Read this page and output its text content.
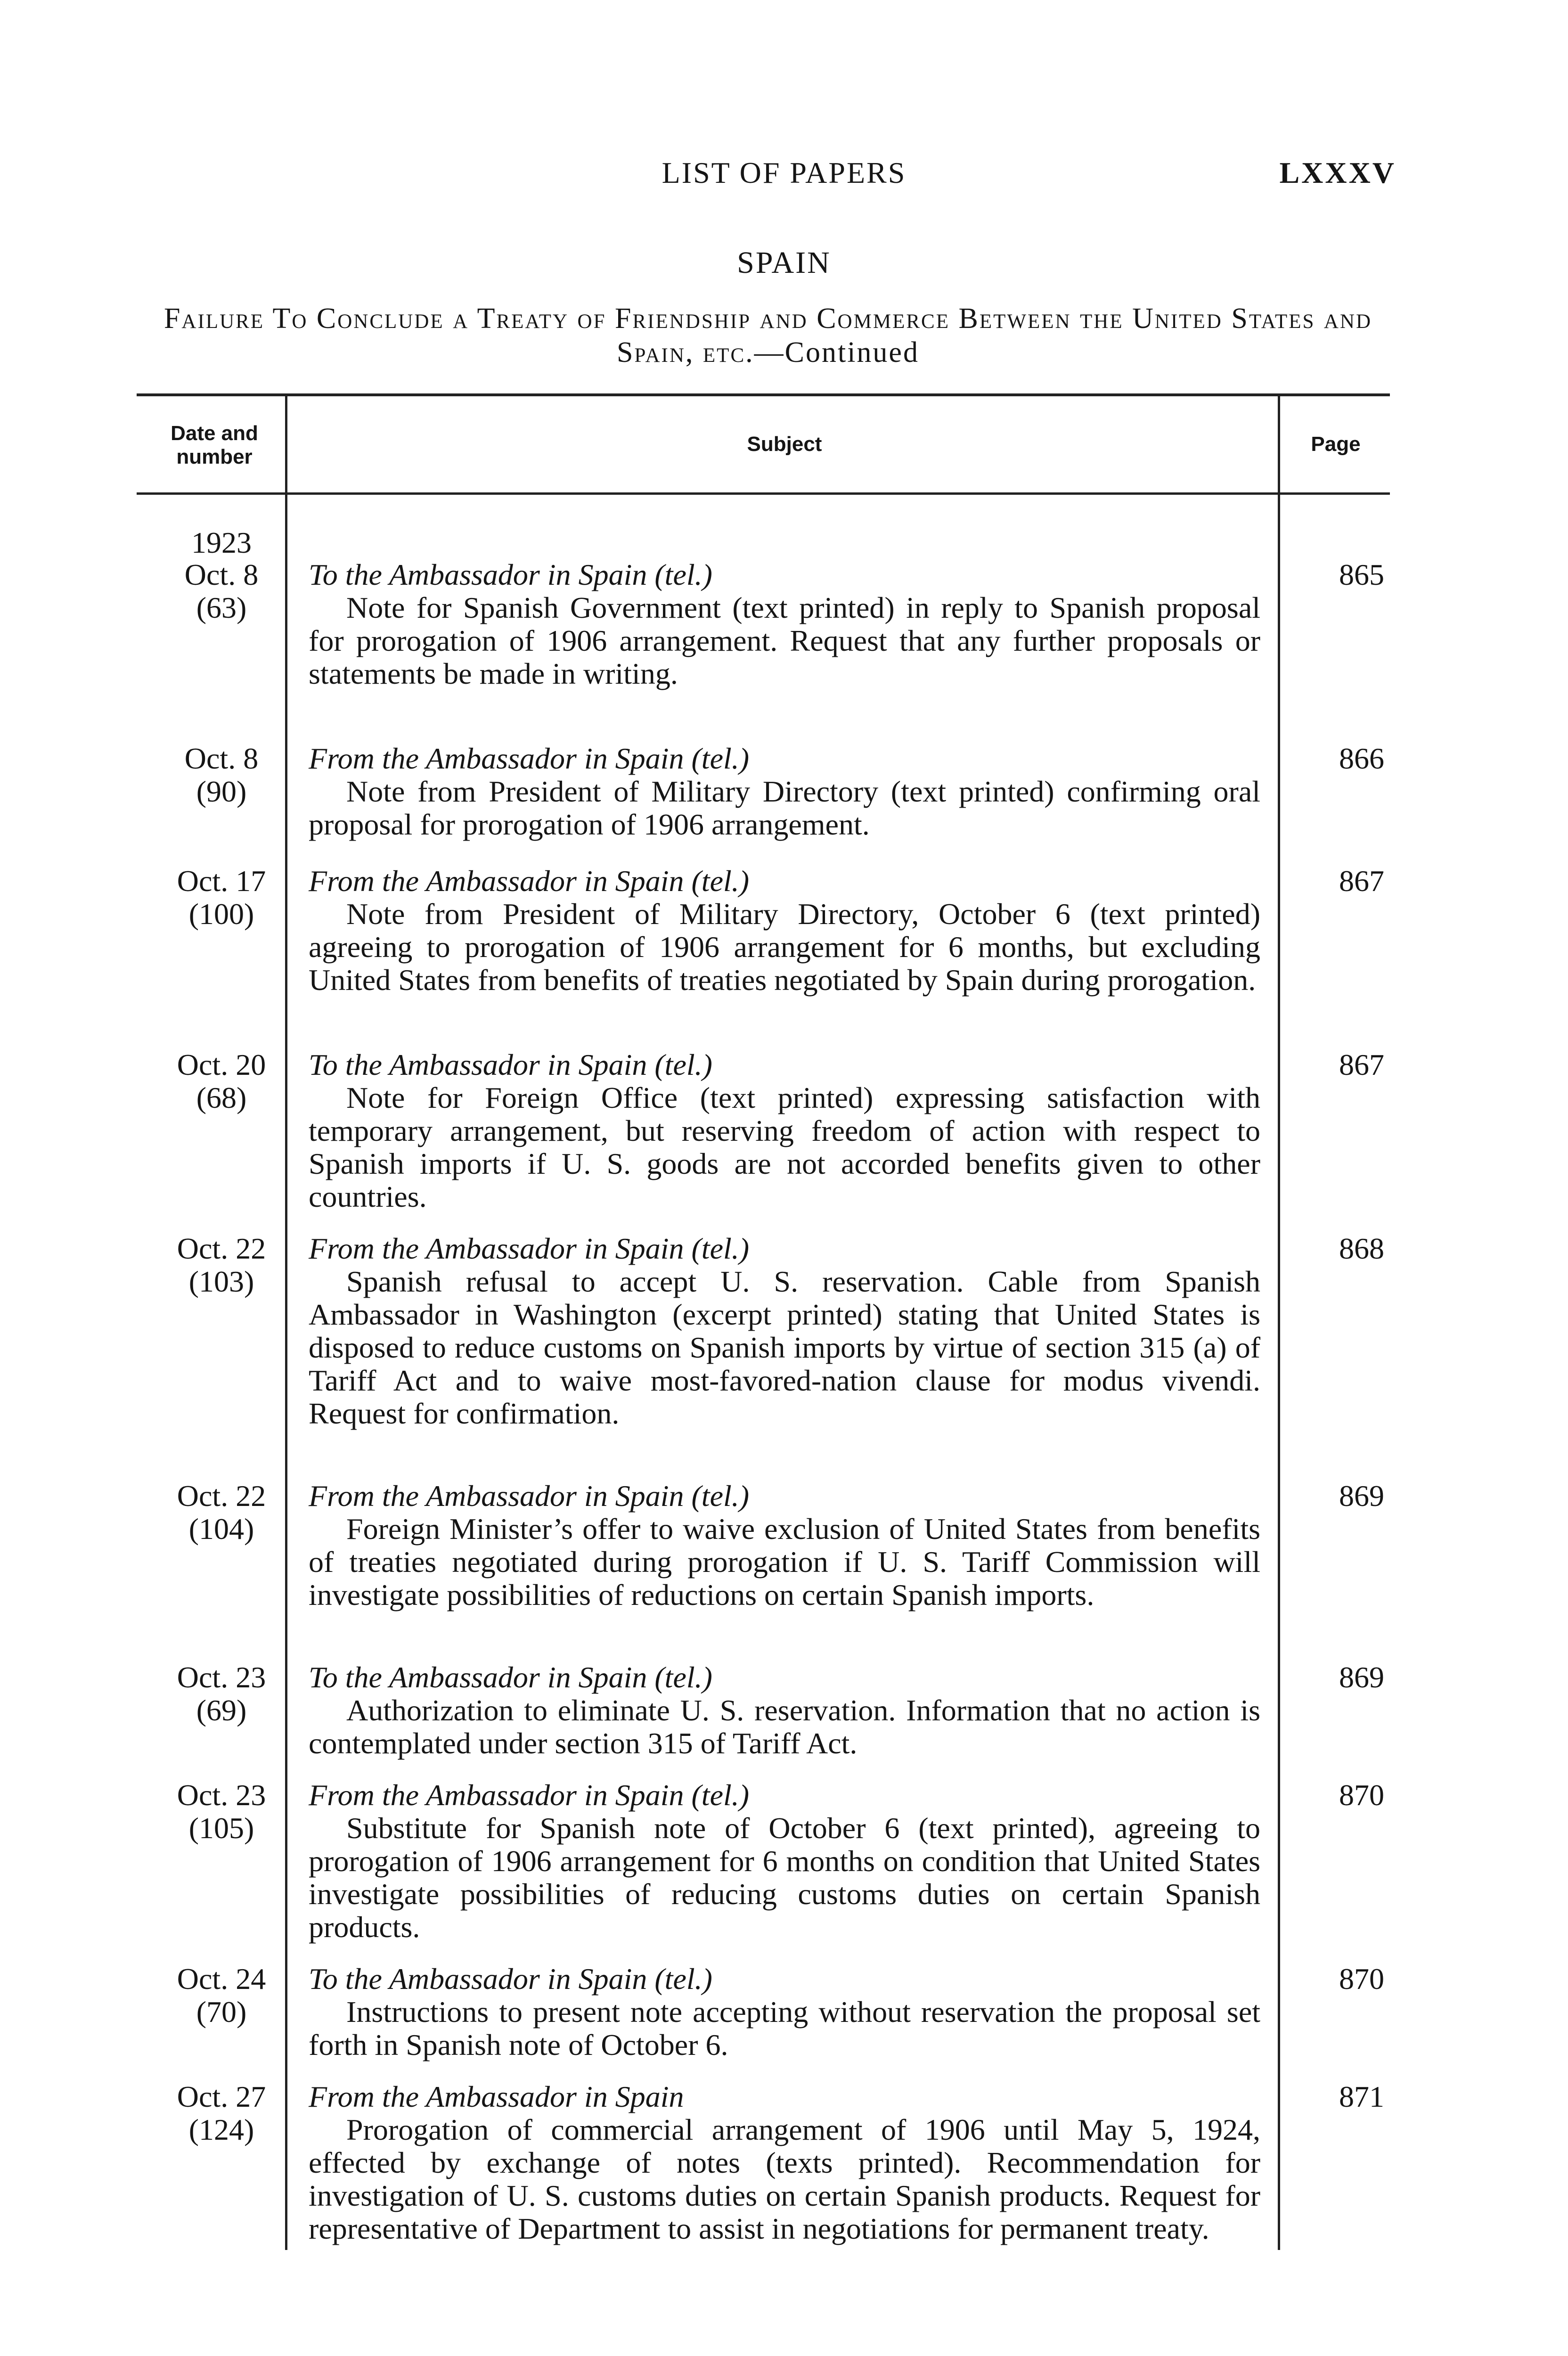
LIST OF PAPERS	LXXXV
SPAIN
Failure To Conclude a Treaty of Friendship and Commerce Between the United States and Spain, etc.—Continued
Date and number
Subject	Page
1923
Oct. 8
(63)
To the Ambassador in Spain (tel.)
Note for Spanish Government (text printed) in reply to Spanish proposal for prorogation of 1906 arrangement. Request that any further proposals or statements be made in writing.
865
Oct. 8
(90)
From the Ambassador in Spain (tel.)
Note from President of Military Directory (text printed) confirming oral proposal for prorogation of 1906 arrangement.
866
Oct. 17
(100)
From the Ambassador in Spain (tel.)
Note from President of Military Directory, October 6 (text printed) agreeing to prorogation of 1906 arrangement for 6 months, but excluding United States from benefits of treaties negotiated by Spain during prorogation.
867
Oct. 20
(68)
To the Ambassador in Spain (tel.)
Note for Foreign Office (text printed) expressing satisfaction with temporary arrangement, but reserving freedom of action with respect to Spanish imports if U. S. goods are not accorded benefits given to other countries.
867
Oct. 22
(103)
From the Ambassador in Spain (tel.)
Spanish refusal to accept U. S. reservation. Cable from Spanish Ambassador in Washington (excerpt printed) stating that United States is disposed to reduce customs on Spanish imports by virtue of section 315 (a) of Tariff Act and to waive most-favored-nation clause for modus vivendi. Request for confirmation.
868
Oct. 22
(104)
From the Ambassador in Spain (tel.)
Foreign Minister’s offer to waive exclusion of United States from benefits of treaties negotiated during prorogation if U. S. Tariff Commission will investigate possibilities of reductions on certain Spanish imports.
869
Oct. 23
(69)
To the Ambassador in Spain (tel.)
Authorization to eliminate U. S. reservation. Information that no action is contemplated under section 315 of Tariff Act.
869
Oct. 23
(105)
From the Ambassador in Spain (tel.)
Substitute for Spanish note of October 6 (text printed), agreeing to prorogation of 1906 arrangement for 6 months on condition that United States investigate possibilities of reducing customs duties on certain Spanish products.
870
Oct. 24
(70)
To the Ambassador in Spain (tel.)
Instructions to present note accepting without reservation the proposal set forth in Spanish note of October 6.
870
Oct. 27
(124)
From the Ambassador in Spain
Prorogation of commercial arrangement of 1906 until May 5, 1924, effected by exchange of notes (texts printed). Recommendation for investigation of U. S. customs duties on certain Spanish products. Request for representative of Department to assist in negotiations for permanent treaty.
871
